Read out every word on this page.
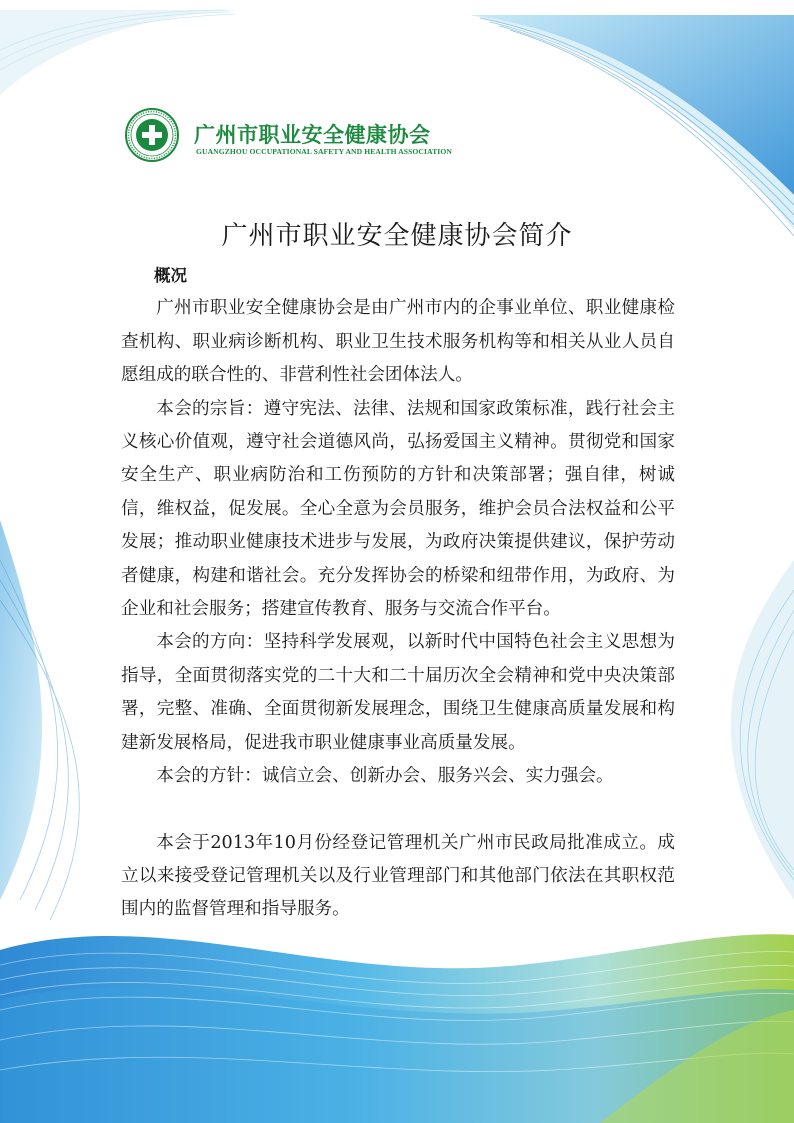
广州市职业安全健康协会
GUANGZHOU OCCUPATIONAL SAFETY AND HEALTH ASSOCIATION
广州市职业安全健康协会简介

概况

广州市职业安全健康协会是由广州市内的企事业单位、职业健康检查机构、职业病诊断机构、职业卫生技术服务机构等和相关从业人员自愿组成的联合性的、非营利性社会团体法人。

本会的宗旨：遵守宪法、法律、法规和国家政策标准，践行社会主义核心价值观，遵守社会道德风尚，弘扬爱国主义精神。贯彻党和国家安全生产、职业病防治和工伤预防的方针和决策部署；强自律，树诚信，维权益，促发展。全心全意为会员服务，维护会员合法权益和公平发展；推动职业健康技术进步与发展，为政府决策提供建议，保护劳动者健康，构建和谐社会。充分发挥协会的桥梁和纽带作用，为政府、为企业和社会服务；搭建宣传教育、服务与交流合作平台。

本会的方向：坚持科学发展观，以新时代中国特色社会主义思想为指导，全面贯彻落实党的二十大和二十届历次全会精神和党中央决策部署，完整、准确、全面贯彻新发展理念，围绕卫生健康高质量发展和构建新发展格局，促进我市职业健康事业高质量发展。

本会的方针：诚信立会、创新办会、服务兴会、实力强会。

本会于2013年10月份经登记管理机关广州市民政局批准成立。成立以来接受登记管理机关以及行业管理部门和其他部门依法在其职权范围内的监督管理和指导服务。
